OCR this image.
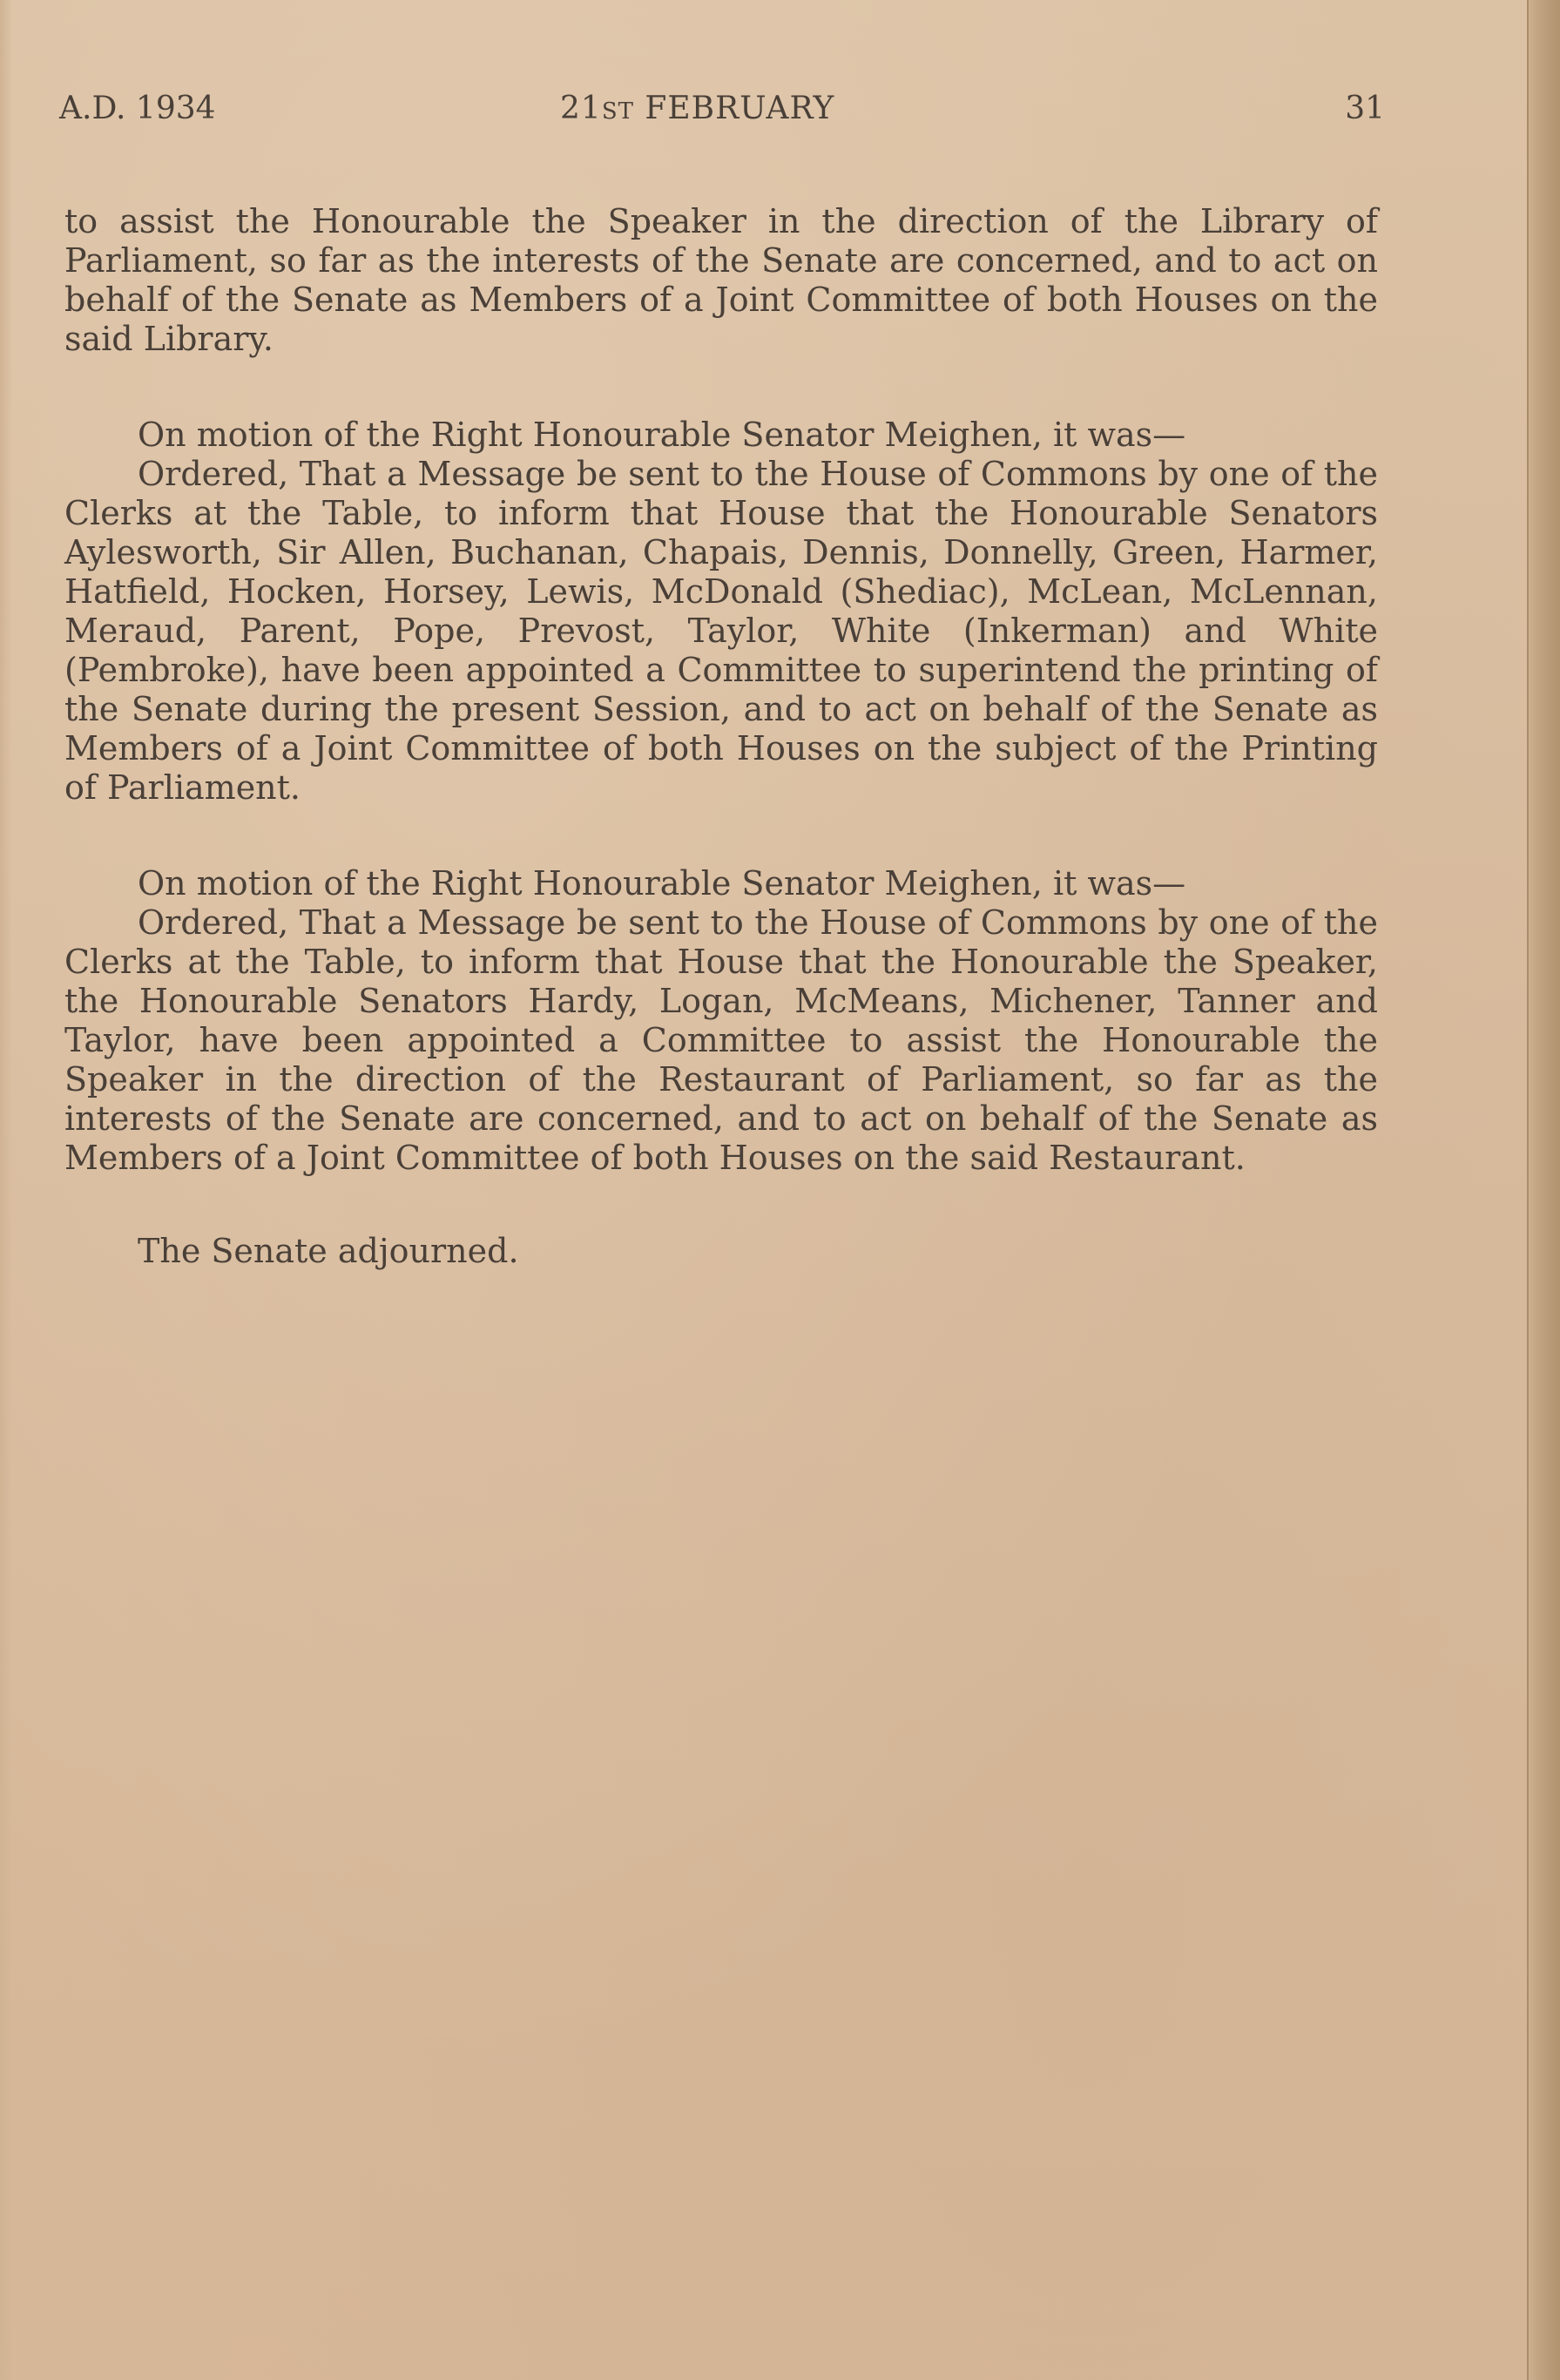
A.D. 1934	21ST FEBRUARY	31

to assist the Honourable the Speaker in the direction of the Library of Parliament, so far as the interests of the Senate are concerned, and to act on behalf of the Senate as Members of a Joint Committee of both Houses on the said Library.

On motion of the Right Honourable Senator Meighen, it was—

Ordered, That a Message be sent to the House of Commons by one of the Clerks at the Table, to inform that House that the Honourable Senators Aylesworth, Sir Allen, Buchanan, Chapais, Dennis, Donnelly, Green, Harmer, Hatfield, Hocken, Horsey, Lewis, McDonald (Shediac), McLean, McLennan, Meraud, Parent, Pope, Prevost, Taylor, White (Inkerman) and White (Pembroke), have been appointed a Committee to superintend the printing of the Senate during the present Session, and to act on behalf of the Senate as Members of a Joint Committee of both Houses on the subject of the Printing of Parliament.

On motion of the Right Honourable Senator Meighen, it was—

Ordered, That a Message be sent to the House of Commons by one of the Clerks at the Table, to inform that House that the Honourable the Speaker, the Honourable Senators Hardy, Logan, McMeans, Michener, Tanner and Taylor, have been appointed a Committee to assist the Honourable the Speaker in the direction of the Restaurant of Parliament, so far as the interests of the Senate are concerned, and to act on behalf of the Senate as Members of a Joint Committee of both Houses on the said Restaurant.

The Senate adjourned.
